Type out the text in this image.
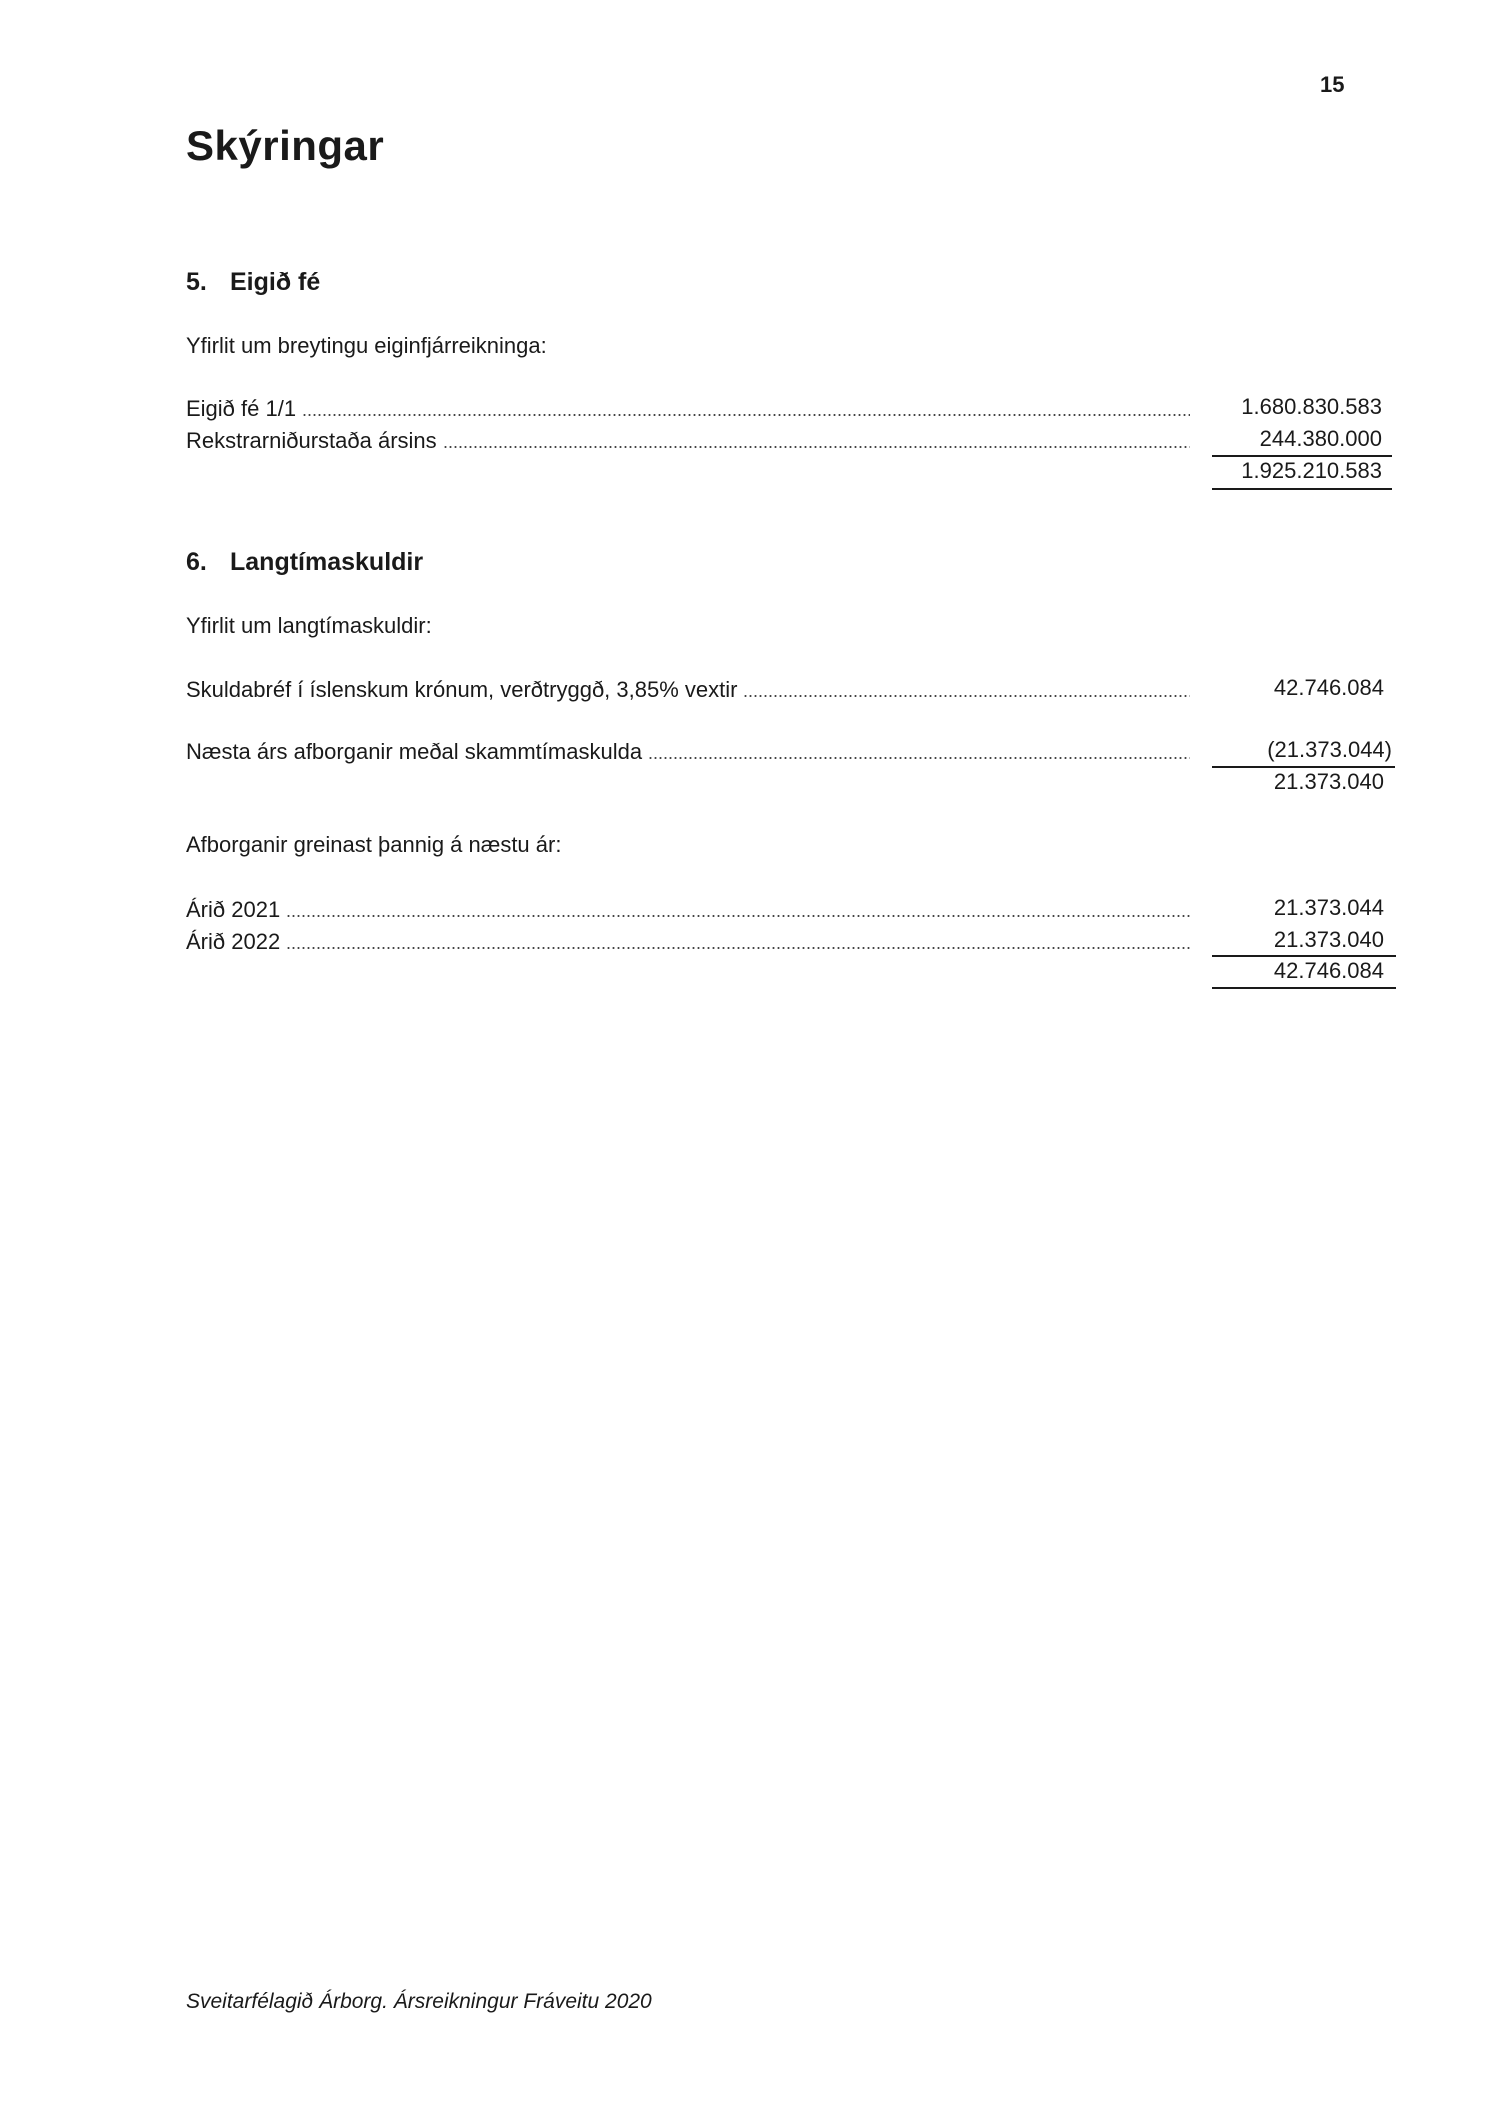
15
Skýringar
5. Eigið fé
Yfirlit um breytingu eiginfjárreikninga:
Eigið fé 1/1	1.680.830.583
Rekstrarniðurstaða ársins	244.380.000
1.925.210.583
6. Langtímaskuldir
Yfirlit um langtímaskuldir:
Skuldabréf í íslenskum krónum, verðtryggð, 3,85% vextir	42.746.084
Næsta árs afborganir meðal skammtímaskulda	(21.373.044)
21.373.040
Afborganir greinast þannig á næstu ár:
Árið 2021	21.373.044
Árið 2022	21.373.040
42.746.084
Sveitarfélagið Árborg. Ársreikningur Fráveitu 2020
